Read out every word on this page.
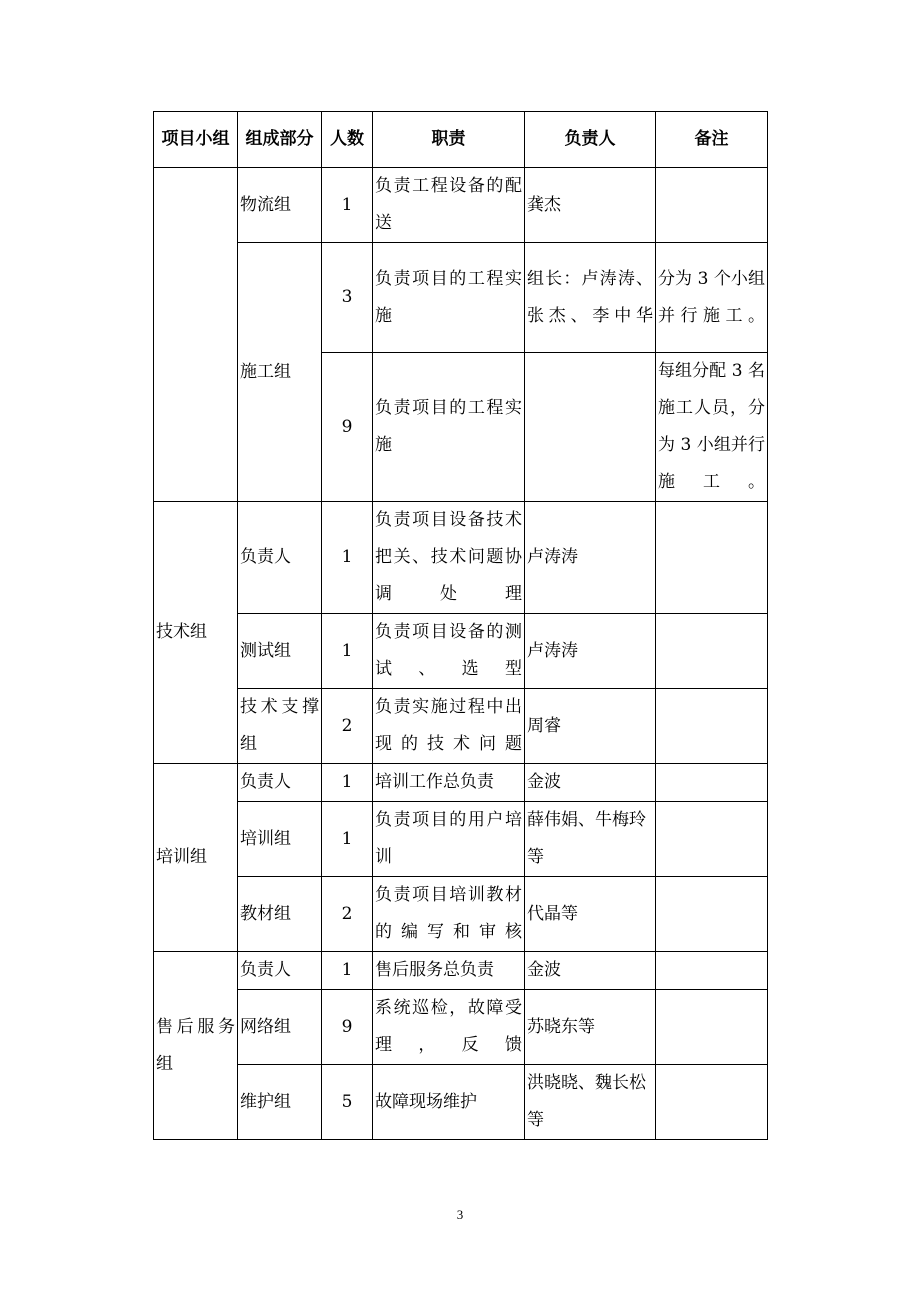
项目小组	组成部分	人数	职责	负责人	备注
	物流组	1	负责工程设备的配送	龚杰	
	施工组	3	负责项目的工程实施	组长：卢涛涛、 张杰、李中华	分为 3 个小组并行施工。
		9	负责项目的工程实施		每组分配 3 名施工人员，分为 3 小组并行施工。
技术组	负责人	1	负责项目设备技术把关、技术问题协调处理	卢涛涛	
	测试组	1	负责项目设备的测试、选型	卢涛涛	
	技术支撑组	2	负责实施过程中出现的技术问题	周睿	
培训组	负责人	1	培训工作总负责	金波	
	培训组	1	负责项目的用户培训	薛伟娟、牛梅玲等	
	教材组	2	负责项目培训教材的编写和审核	代晶等	
售后服务组	负责人	1	售后服务总负责	金波	
	网络组	9	系统巡检，故障受理，反馈	苏晓东等	
	维护组	5	故障现场维护	洪晓晓、魏长松等	
3
